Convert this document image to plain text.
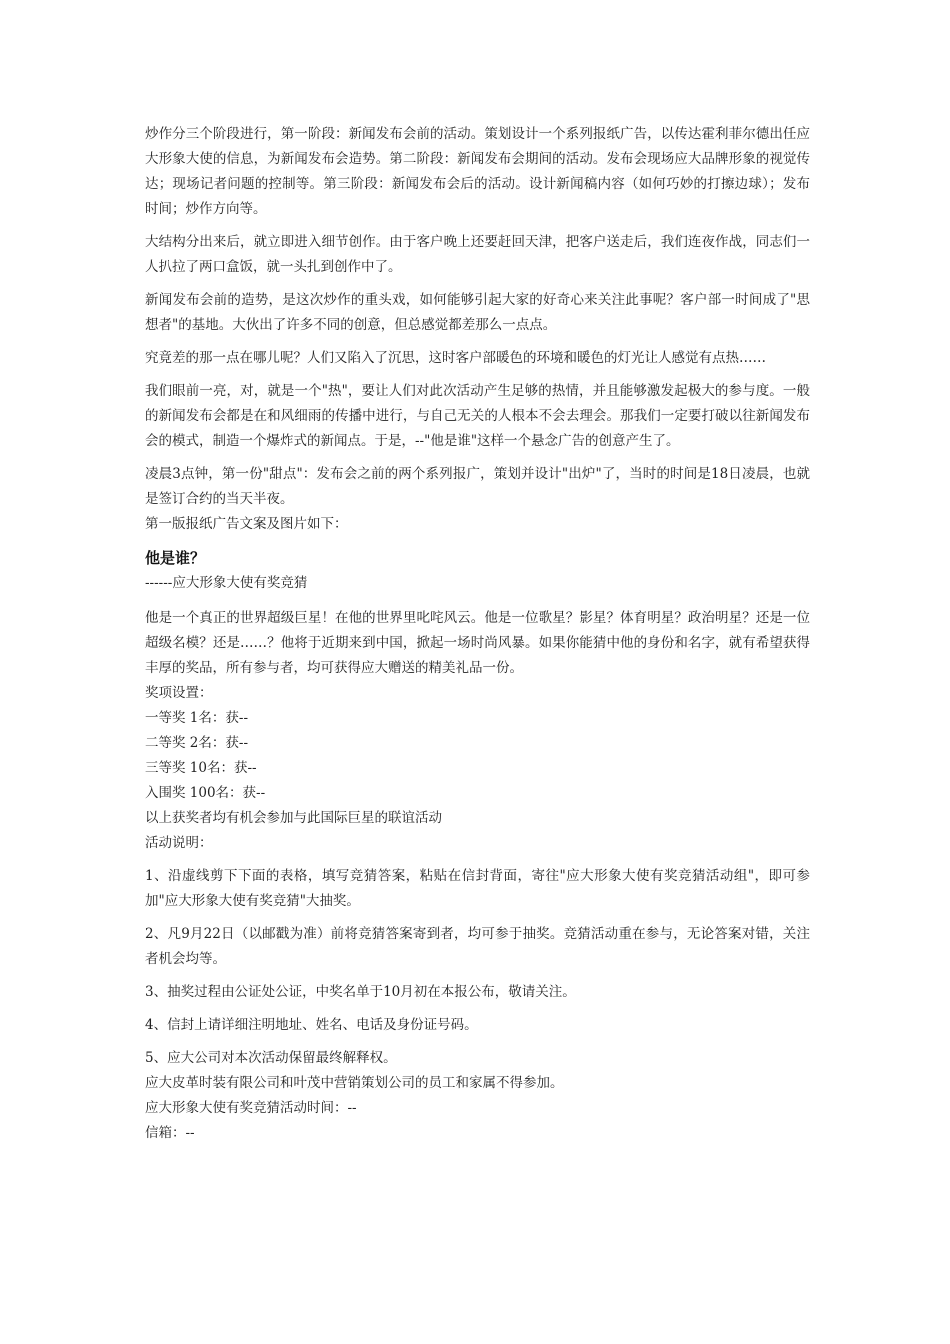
炒作分三个阶段进行，第一阶段：新闻发布会前的活动。策划设计一个系列报纸广告，以传达霍利菲尔德出任应大形象大使的信息，为新闻发布会造势。第二阶段：新闻发布会期间的活动。发布会现场应大品牌形象的视觉传达；现场记者问题的控制等。第三阶段：新闻发布会后的活动。设计新闻稿内容（如何巧妙的打擦边球）；发布时间；炒作方向等。

大结构分出来后，就立即进入细节创作。由于客户晚上还要赶回天津，把客户送走后，我们连夜作战，同志们一人扒拉了两口盒饭，就一头扎到创作中了。

新闻发布会前的造势，是这次炒作的重头戏，如何能够引起大家的好奇心来关注此事呢？客户部一时间成了"思想者"的基地。大伙出了许多不同的创意，但总感觉都差那么一点点。

究竟差的那一点在哪儿呢？人们又陷入了沉思，这时客户部暖色的环境和暖色的灯光让人感觉有点热……

我们眼前一亮，对，就是一个"热"，要让人们对此次活动产生足够的热情，并且能够激发起极大的参与度。一般的新闻发布会都是在和风细雨的传播中进行，与自己无关的人根本不会去理会。那我们一定要打破以往新闻发布会的模式，制造一个爆炸式的新闻点。于是，--"他是谁"这样一个悬念广告的创意产生了。

凌晨3点钟，第一份"甜点"：发布会之前的两个系列报广，策划并设计"出炉"了，当时的时间是18日凌晨，也就是签订合约的当天半夜。

第一版报纸广告文案及图片如下：

他是谁？

------应大形象大使有奖竞猜

他是一个真正的世界超级巨星！在他的世界里叱咤风云。他是一位歌星？影星？体育明星？政治明星？还是一位超级名模？还是……？他将于近期来到中国，掀起一场时尚风暴。如果你能猜中他的身份和名字，就有希望获得丰厚的奖品，所有参与者，均可获得应大赠送的精美礼品一份。

奖项设置：

一等奖 1名：获--

二等奖 2名：获--

三等奖 10名：获--

入围奖 100名：获--

以上获奖者均有机会参加与此国际巨星的联谊活动

活动说明：

1、沿虚线剪下下面的表格，填写竞猜答案，粘贴在信封背面，寄往"应大形象大使有奖竞猜活动组"，即可参加"应大形象大使有奖竞猜"大抽奖。

2、凡9月22日（以邮戳为准）前将竞猜答案寄到者，均可参于抽奖。竞猜活动重在参与，无论答案对错，关注者机会均等。

3、抽奖过程由公证处公证，中奖名单于10月初在本报公布，敬请关注。

4、信封上请详细注明地址、姓名、电话及身份证号码。

5、应大公司对本次活动保留最终解释权。

应大皮革时装有限公司和叶茂中营销策划公司的员工和家属不得参加。

应大形象大使有奖竞猜活动时间：--

信箱：--
